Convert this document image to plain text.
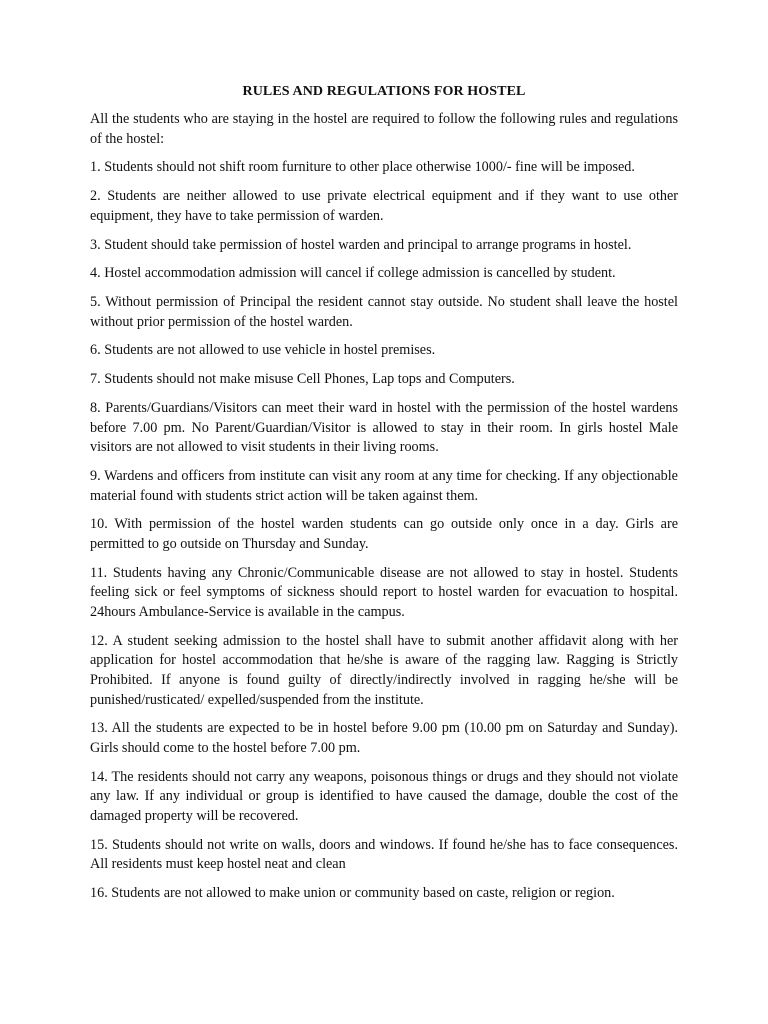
RULES AND REGULATIONS FOR HOSTEL

All the students who are staying in the hostel are required to follow the following rules and regulations of the hostel:

1. Students should not shift room furniture to other place otherwise 1000/- fine will be imposed.

2. Students are neither allowed to use private electrical equipment and if they want to use other equipment, they have to take permission of warden.

3. Student should take permission of hostel warden and principal to arrange programs in hostel.

4. Hostel accommodation admission will cancel if college admission is cancelled by student.

5. Without permission of Principal the resident cannot stay outside. No student shall leave the hostel without prior permission of the hostel warden.

6. Students are not allowed to use vehicle in hostel premises.

7. Students should not make misuse Cell Phones, Lap tops and Computers.

8. Parents/Guardians/Visitors can meet their ward in hostel with the permission of the hostel wardens before 7.00 pm. No Parent/Guardian/Visitor is allowed to stay in their room. In girls hostel Male visitors are not allowed to visit students in their living rooms.

9. Wardens and officers from institute can visit any room at any time for checking. If any objectionable material found with students strict action will be taken against them.

10. With permission of the hostel warden students can go outside only once in a day. Girls are permitted to go outside on Thursday and Sunday.

11. Students having any Chronic/Communicable disease are not allowed to stay in hostel. Students feeling sick or feel symptoms of sickness should report to hostel warden for evacuation to hospital. 24hours Ambulance-Service is available in the campus.

12. A student seeking admission to the hostel shall have to submit another affidavit along with her application for hostel accommodation that he/she is aware of the ragging law. Ragging is Strictly Prohibited. If anyone is found guilty of directly/indirectly involved in ragging he/she will be punished/rusticated/ expelled/suspended from the institute.

13. All the students are expected to be in hostel before 9.00 pm (10.00 pm on Saturday and Sunday). Girls should come to the hostel before 7.00 pm.

14. The residents should not carry any weapons, poisonous things or drugs and they should not violate any law. If any individual or group is identified to have caused the damage, double the cost of the damaged property will be recovered.

15. Students should not write on walls, doors and windows. If found he/she has to face consequences. All residents must keep hostel neat and clean

16. Students are not allowed to make union or community based on caste, religion or region.
